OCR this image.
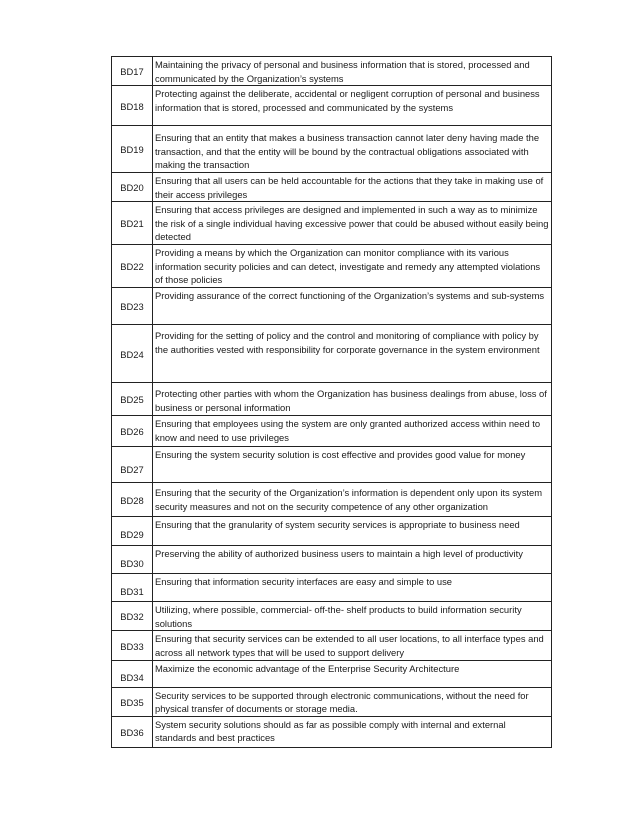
BD17	Maintaining the privacy of personal and business information that is stored, processed and communicated by the Organization’s systems
BD18	Protecting against the deliberate, accidental or negligent corruption of personal and business information that is stored, processed and communicated by the systems
BD19	Ensuring that an entity that makes a business transaction cannot later deny having made the transaction, and that the entity will be bound by the contractual obligations associated with making the transaction
BD20	Ensuring that all users can be held accountable for the actions that they take in making use of their access privileges
BD21	Ensuring that access privileges are designed and implemented in such a way as to minimize the risk of a single individual having excessive power that could be abused without easily being detected
BD22	Providing a means by which the Organization can monitor compliance with its various information security policies and can detect, investigate and remedy any attempted violations of those policies
BD23	Providing assurance of the correct functioning of the Organization’s systems and sub-systems
BD24	Providing for the setting of policy and the control and monitoring of compliance with policy by the authorities vested with responsibility for corporate governance in the system environment
BD25	Protecting other parties with whom the Organization has business dealings from abuse, loss of business or personal information
BD26	Ensuring that employees using the system are only granted authorized access within need to know and need to use privileges
BD27	Ensuring the system security solution is cost effective and provides good value for money
BD28	Ensuring that the security of the Organization’s information is dependent only upon its system security measures and not on the security competence of any other organization
BD29	Ensuring that the granularity of system security services is appropriate to business need
BD30	Preserving the ability of authorized business users to maintain a high level of productivity
BD31	Ensuring that information security interfaces are easy and simple to use
BD32	Utilizing, where possible, commercial- off-the- shelf products to build information security solutions
BD33	Ensuring that security services can be extended to all user locations, to all interface types and across all network types that will be used to support delivery
BD34	Maximize the economic advantage of the Enterprise Security Architecture
BD35	Security services to be supported through electronic communications, without the need for physical transfer of documents or storage media.
BD36	System security solutions should as far as possible comply with internal and external standards and best practices
